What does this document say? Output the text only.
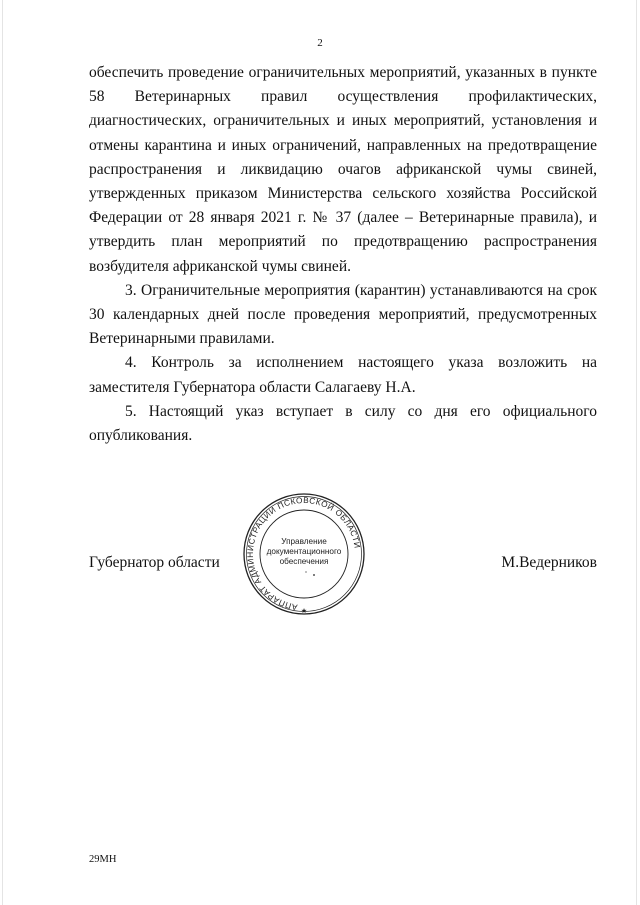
2

обеспечить проведение ограничительных мероприятий, указанных в пункте 58 Ветеринарных правил осуществления профилактических, диагностических, ограничительных и иных мероприятий, установления и отмены карантина и иных ограничений, направленных на предотвращение распространения и ликвидацию очагов африканской чумы свиней, утвержденных приказом Министерства сельского хозяйства Российской Федерации от 28 января 2021 г. № 37 (далее – Ветеринарные правила), и утвердить план мероприятий по предотвращению распространения возбудителя африканской чумы свиней.

3. Ограничительные мероприятия (карантин) устанавливаются на срок 30 календарных дней после проведения мероприятий, предусмотренных Ветеринарными правилами.

4. Контроль за исполнением настоящего указа возложить на заместителя Губернатора области Салагаеву Н.А.

5. Настоящий указ вступает в силу со дня его официального опубликования.

Губернатор области	М.Ведерников
АППАРАТ АДМИНИСТРАЦИИ ПСКОВСКОЙ ОБЛАСТИ
★
Управление
документационного
обеспечения
29МН
